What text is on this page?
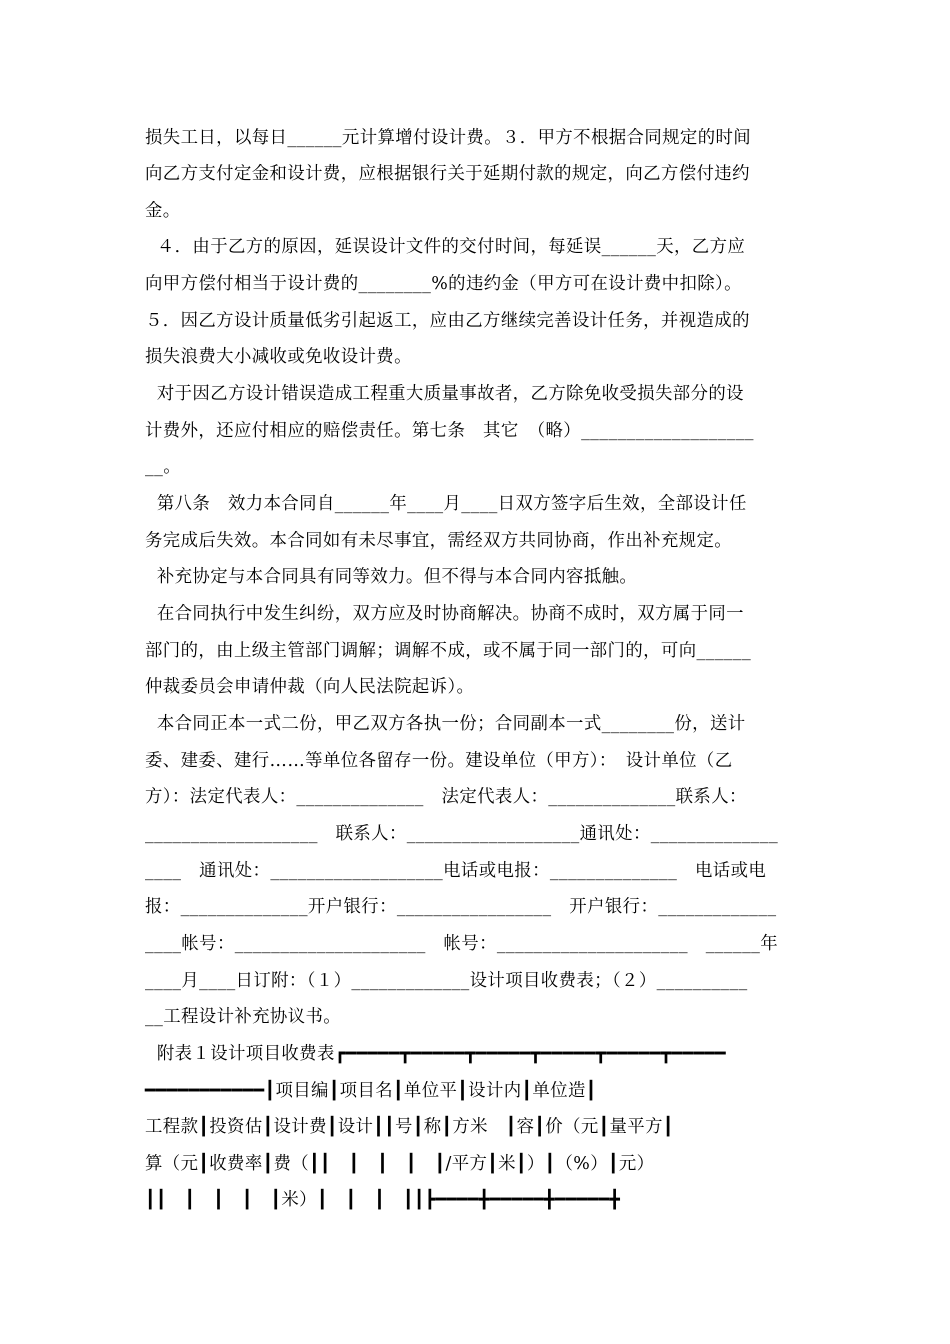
损失工日，以每日______元计算增付设计费。３．甲方不根据合同规定的时间
向乙方支付定金和设计费，应根据银行关于延期付款的规定，向乙方偿付违约
金。
４．由于乙方的原因，延误设计文件的交付时间，每延误______天，乙方应
向甲方偿付相当于设计费的________%的违约金（甲方可在设计费中扣除）。
５．因乙方设计质量低劣引起返工，应由乙方继续完善设计任务，并视造成的
损失浪费大小减收或免收设计费。
对于因乙方设计错误造成工程重大质量事故者，乙方除免收受损失部分的设
计费外，还应付相应的赔偿责任。第七条　其它　（略）___________________
__。
第八条　效力本合同自______年____月____日双方签字后生效，全部设计任
务完成后失效。本合同如有未尽事宜，需经双方共同协商，作出补充规定。
补充协定与本合同具有同等效力。但不得与本合同内容抵触。
在合同执行中发生纠纷，双方应及时协商解决。协商不成时，双方属于同一
部门的，由上级主管部门调解；调解不成，或不属于同一部门的，可向______
仲裁委员会申请仲裁（向人民法院起诉）。
本合同正本一式二份，甲乙双方各执一份；合同副本一式________份，送计
委、建委、建行……等单位各留存一份。建设单位（甲方）：　设计单位（乙
方）：法定代表人：______________　法定代表人：______________联系人：
___________________　联系人：___________________通讯处：______________
____　通讯处：___________________电话或电报：______________　电话或电
报：______________开户银行：_________________　开户银行：_____________
____帐号：_____________________　帐号：_____________________　______年
____月____日订附：（１）_____________设计项目收费表；（２）__________
__工程设计补充协议书。
附表１设计项目收费表┏━━━━━┳━━━━━┳━━━━━┳━━━━━┳━━━━━┳━━━━━
━━━━━━━━━━━┃项目编┃项目名┃单位平┃设计内┃单位造┃
工程款┃投资估┃设计费┃设计┃┃号┃称┃方米　┃容┃价（元┃量平方┃
算（元┃收费率┃费（┃┃　┃　┃　┃　┃/平方┃米┃）┃（%）┃元）
┃┃　┃　┃　┃　┃米）┃　┃　┃　┃┃┣━━━━╋━━━━━╋━━━━━╋
